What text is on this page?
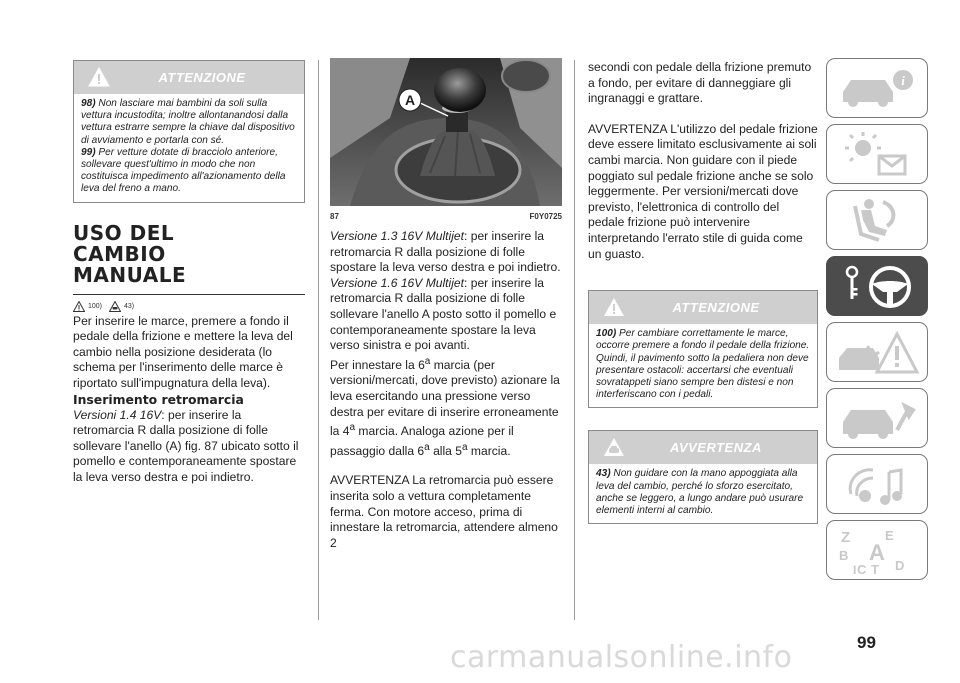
ATTENZIONE

98) Non lasciare mai bambini da soli sulla vettura incustodita; inoltre allontanandosi dalla vettura estrarre sempre la chiave dal dispositivo di avviamento e portarla con sé.

99) Per vetture dotate di bracciolo anteriore, sollevare quest'ultimo in modo che non costituisca impedimento all'azionamento della leva del freno a mano.

USO DEL CAMBIO MANUALE
100)	43)

Per inserire le marce, premere a fondo il pedale della frizione e mettere la leva del cambio nella posizione desiderata (lo schema per l'inserimento delle marce è riportato sull'impugnatura della leva).

Inserimento retromarcia

Versioni 1.4 16V: per inserire la retromarcia R dalla posizione di folle sollevare l'anello (A) fig. 87 ubicato sotto il pomello e contemporaneamente spostare la leva verso destra e poi indietro.

A
87	F0Y0725

Versione 1.3 16V Multijet: per inserire la retromarcia R dalla posizione di folle spostare la leva verso destra e poi indietro.

Versione 1.6 16V Multijet: per inserire la retromarcia R dalla posizione di folle sollevare l'anello A posto sotto il pomello e contemporaneamente spostare la leva verso sinistra e poi avanti.

Per innestare la 6$^a$ marcia (per versioni/mercati, dove previsto) azionare la leva esercitando una pressione verso destra per evitare di inserire erroneamente la 4$^a$ marcia. Analoga azione per il passaggio dalla 6$^a$ alla 5$^a$ marcia.

AVVERTENZA La retromarcia può essere inserita solo a vettura completamente ferma. Con motore acceso, prima di innestare la retromarcia, attendere almeno 2

secondi con pedale della frizione premuto a fondo, per evitare di danneggiare gli ingranaggi e grattare.

AVVERTENZA L'utilizzo del pedale frizione deve essere limitato esclusivamente ai soli cambi marcia. Non guidare con il piede poggiato sul pedale frizione anche se solo leggermente. Per versioni/mercati dove previsto, l'elettronica di controllo del pedale frizione può intervenire interpretando l'errato stile di guida come un guasto.

ATTENZIONE

100) Per cambiare correttamente le marce, occorre premere a fondo il pedale della frizione. Quindi, il pavimento sotto la pedaliera non deve presentare ostacoli: accertarsi che eventuali sovratappeti siano sempre ben distesi e non interferiscano con i pedali.

AVVERTENZA

43) Non guidare con la mano appoggiata alla leva del cambio, perché lo sforzo esercitato, anche se leggero, a lungo andare può usurare elementi interni al cambio.

i
Z	E
B A
C T D
I
99
carmanualsonline.info
